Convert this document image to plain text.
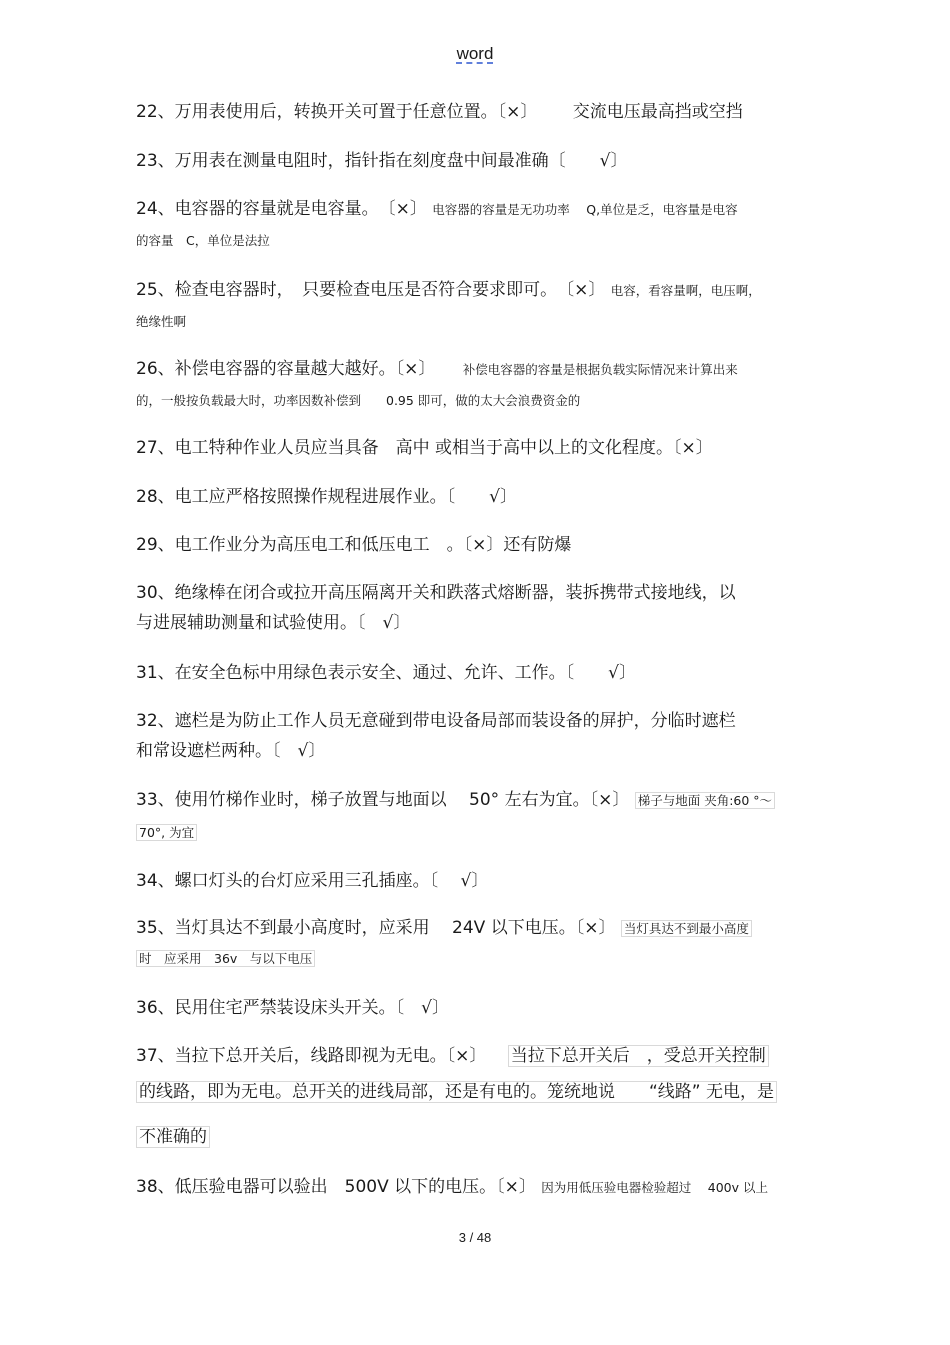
word
22、万用表使用后，转换开关可置于任意位置。〔×〕 交流电压最高挡或空挡
23、万用表在测量电阻时，指针指在刻度盘中间最准确〔　　√〕
24、电容器的容量就是电容量。　〔×〕 电容器的容量是无功功率　 Q,单位是乏，电容量是电容
的容量　C，单位是法拉
25、检查电容器时，　只要检查电压是否符合要求即可。　〔×〕 电容，看容量啊，电压啊，
绝缘性啊
26、补偿电容器的容量越大越好。〔×〕 补偿电容器的容量是根据负载实际情况来计算出来
的，一般按负载最大时，功率因数补偿到　　0.95 即可，做的太大会浪费资金的
27、电工特种作业人员应当具备　高中 或相当于高中以上的文化程度。〔×〕
28、电工应严格按照操作规程进展作业。〔　　√〕
29、电工作业分为高压电工和低压电工　。〔×〕还有防爆
30、绝缘棒在闭合或拉开高压隔离开关和跌落式熔断器，装拆携带式接地线，以
与进展辅助测量和试验使用。〔　√〕
31、在安全色标中用绿色表示安全、通过、允许、工作。〔　　√〕
32、遮栏是为防止工作人员无意碰到带电设备局部而装设备的屏护，分临时遮栏
和常设遮栏两种。〔　√〕
33、使用竹梯作业时，梯子放置与地面以　 50° 左右为宜。〔×〕 梯子与地面 夹角:60 °～
70°, 为宜
34、螺口灯头的台灯应采用三孔插座。〔　 √〕
35、当灯具达不到最小高度时，应采用　 24V 以下电压。〔×〕 当灯具达不到最小高度
时　应采用　36v　与以下电压
36、民用住宅严禁装设床头开关。〔　√〕
37、当拉下总开关后，线路即视为无电。〔×〕 当拉下总开关后　，受总开关控制
的线路，即为无电。总开关的进线局部，还是有电的。笼统地说　　“线路” 无电，是
不准确的
38、低压验电器可以验出　500V 以下的电压。〔×〕 因为用低压验电器检验超过　 400v 以上
3 / 48
